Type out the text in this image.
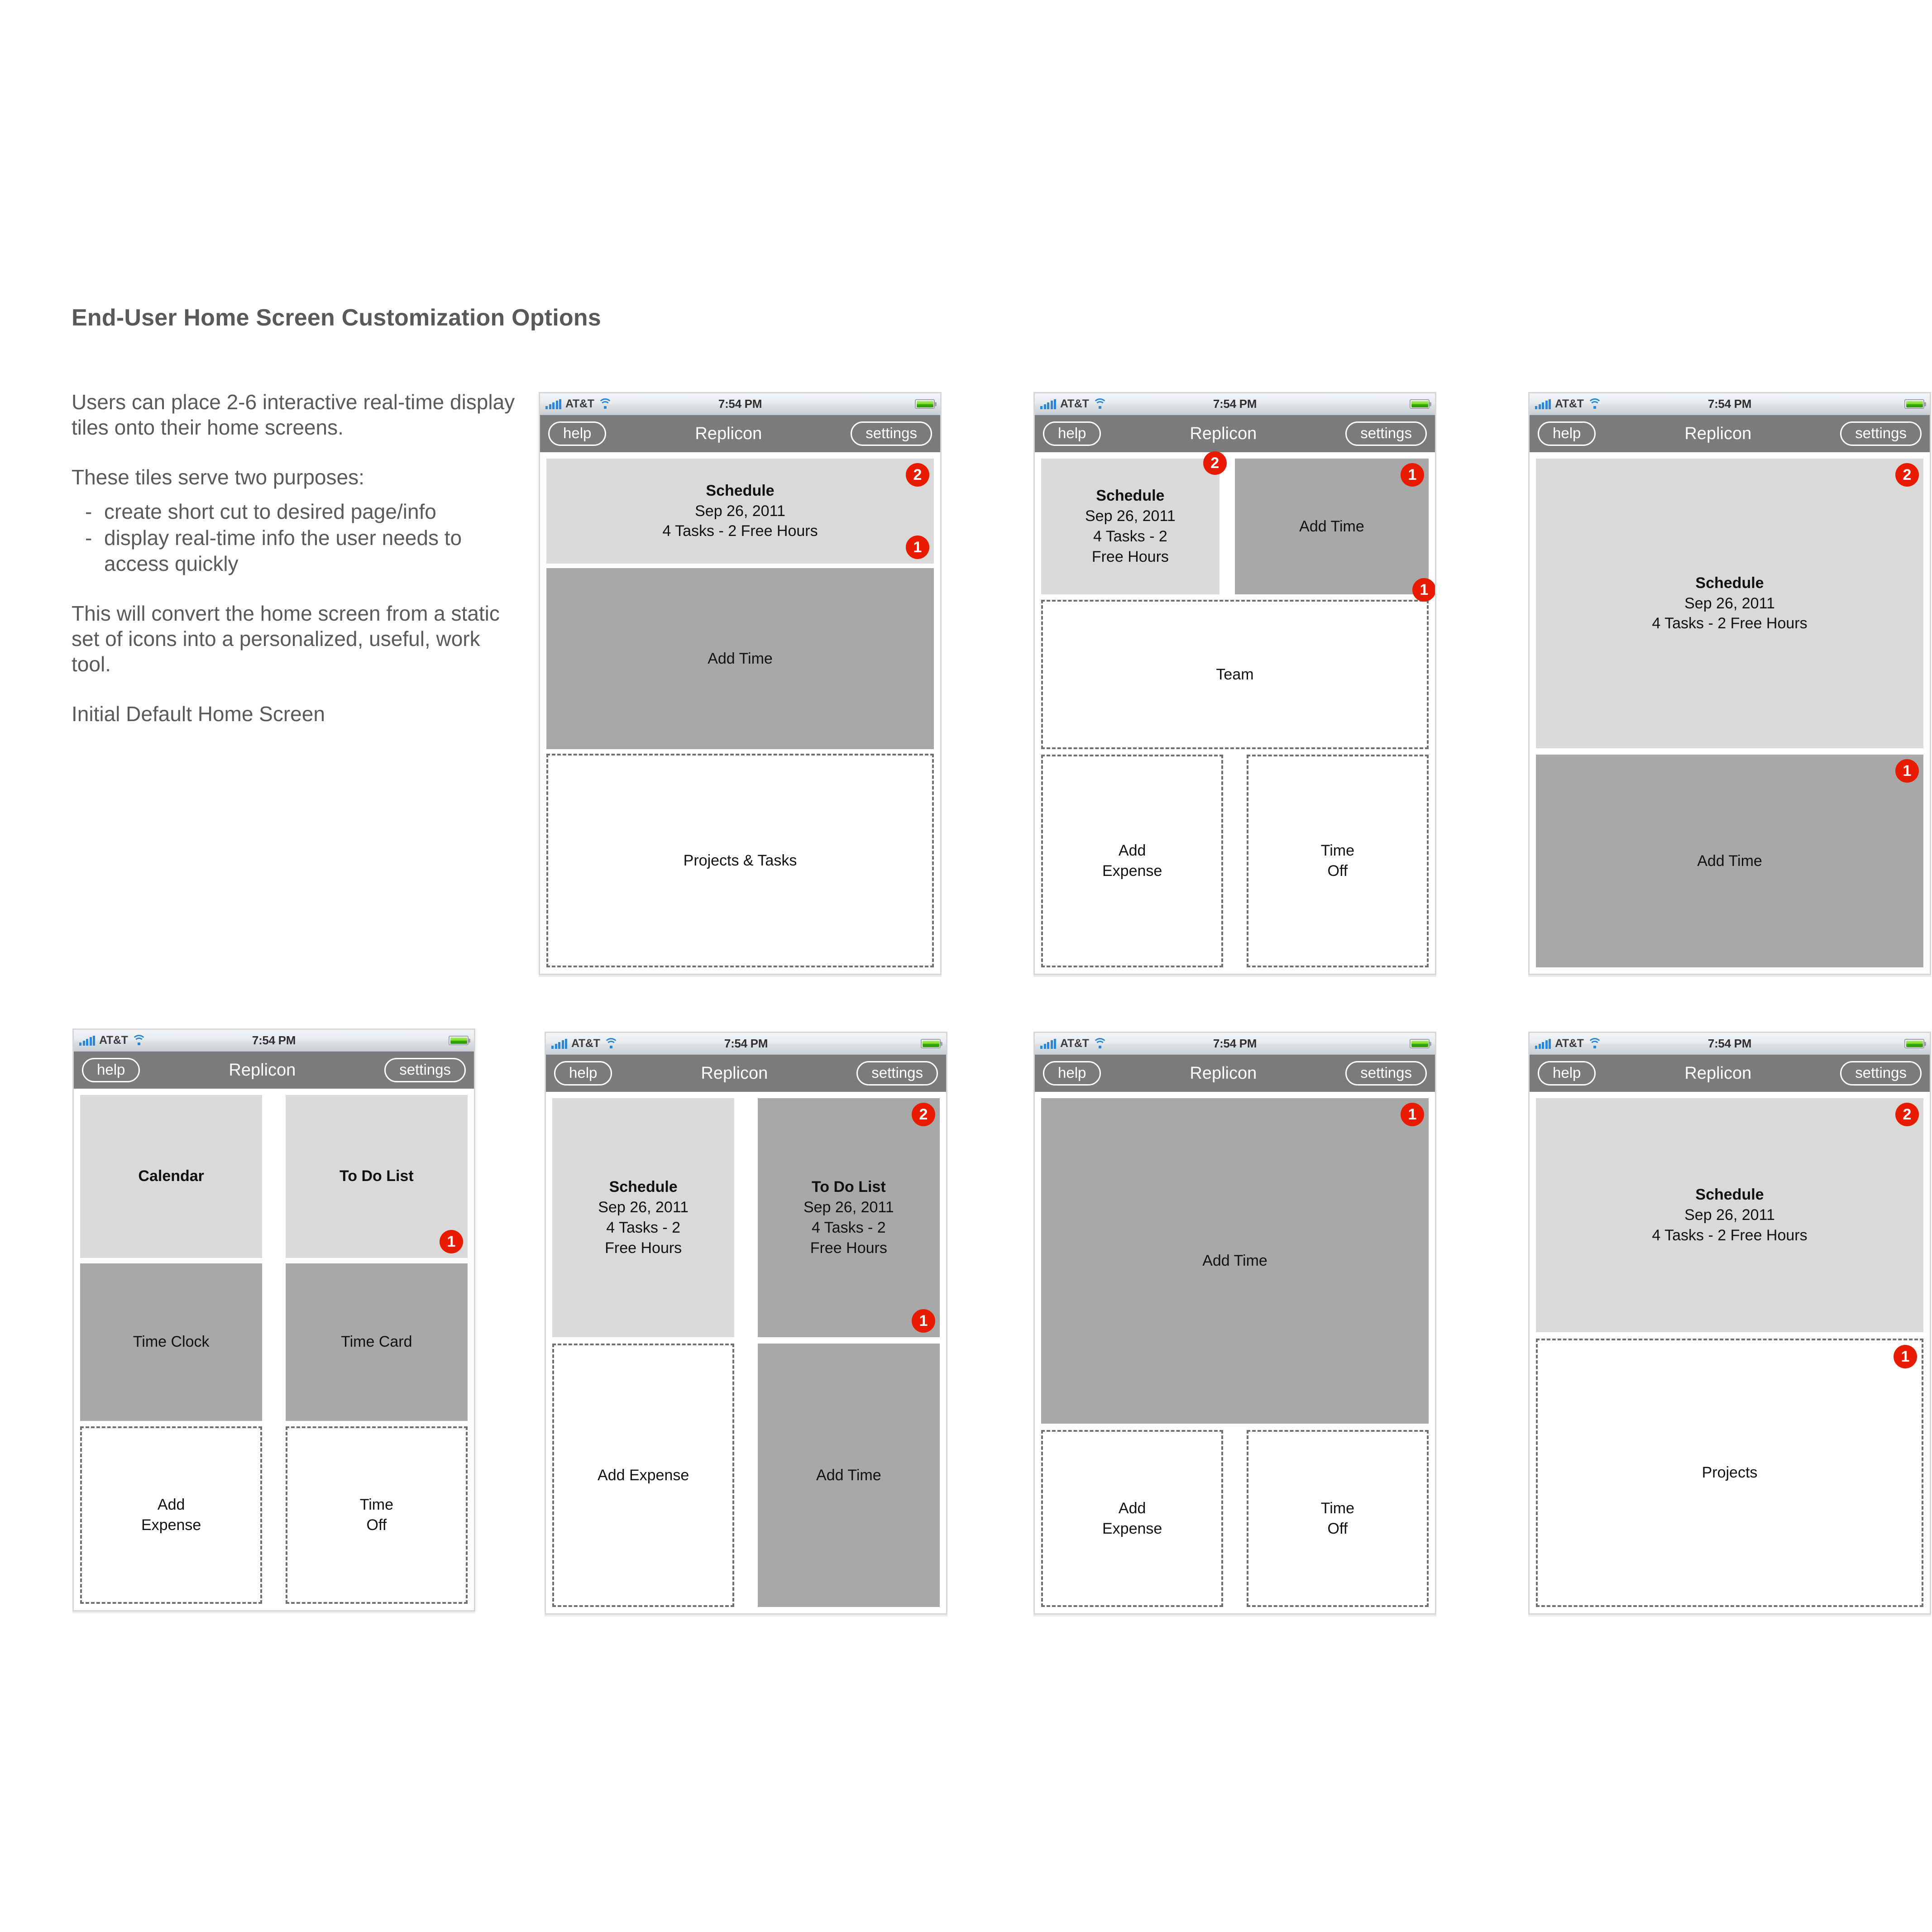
End-User Home Screen Customization Options

Users can place 2-6 interactive real-time display tiles onto their home screens.

These tiles serve two purposes:

- create short cut to desired page/info
- display real-time info the user needs to access quickly

This will convert the home screen from a static set of icons into a personalized, useful, work tool.

Initial Default Home Screen

AT&T	7:54 PM
help	Replicon	settings
Schedule
Sep 26, 2011
4 Tasks - 2 Free Hours
2
1
Add Time
Projects & Tasks
AT&T	7:54 PM
help	Replicon	settings
Schedule
Sep 26, 2011
4 Tasks - 2
Free Hours
2
Add Time
1
1
Team
Add
Expense
Time
Off
AT&T	7:54 PM
help	Replicon	settings
Schedule
Sep 26, 2011
4 Tasks - 2 Free Hours
2
Add Time
1
AT&T	7:54 PM
help	Replicon	settings
Calendar	To Do List
1
Time Clock	Time Card
Add
Expense
Time
Off
AT&T	7:54 PM
help	Replicon	settings
Schedule
Sep 26, 2011
4 Tasks - 2
Free Hours
To Do List
Sep 26, 2011
4 Tasks - 2
Free Hours
2
1
Add Expense	Add Time
AT&T	7:54 PM
help	Replicon	settings
Add Time
1
Add
Expense
Time
Off
AT&T	7:54 PM
help	Replicon	settings
Schedule
Sep 26, 2011
4 Tasks - 2 Free Hours
2
Projects
1
